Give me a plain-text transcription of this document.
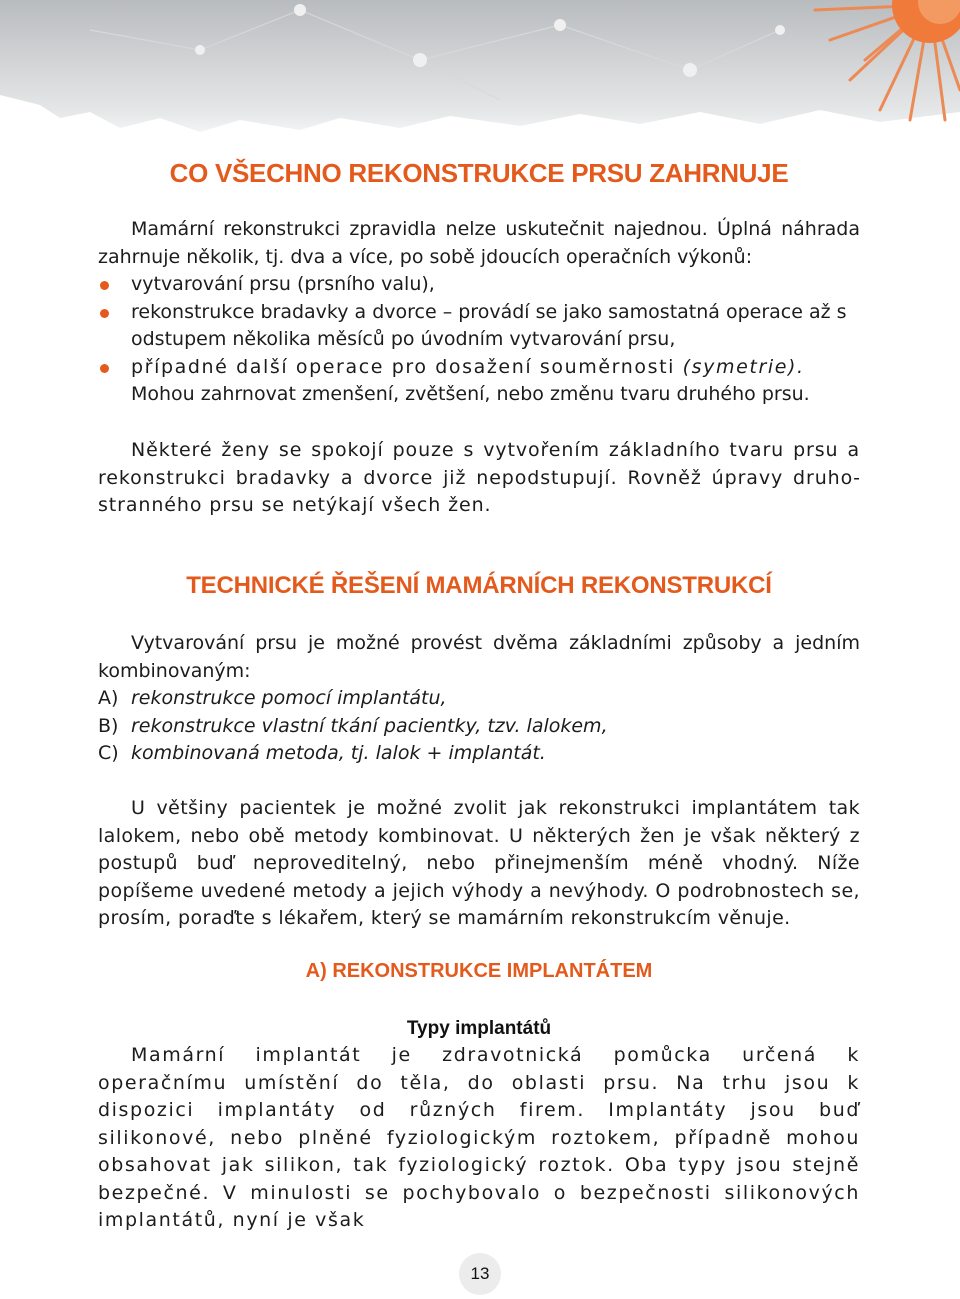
CO VŠECHNO REKONSTRUKCE PRSU ZAHRNUJE

Mamární rekonstrukci zpravidla nelze uskutečnit najednou. Úplná náhrada zahrnuje několik, tj. dva a více, po sobě jdoucích operačních výkonů:

vytvarování prsu (prsního valu),
rekonstrukce bradavky a dvorce – provádí se jako samostatná operace až s odstupem několika měsíců po úvodním vytvarování prsu,
případné další operace pro dosažení souměrnosti (symetrie). Mohou zahrnovat zmenšení, zvětšení, nebo změnu tvaru druhého prsu.

Některé ženy se spokojí pouze s vytvořením základního tvaru prsu a rekonstrukci bradavky a dvorce již nepodstupují. Rovněž úpravy druhostranného prsu se netýkají všech žen.

TECHNICKÉ ŘEŠENÍ MAMÁRNÍCH REKONSTRUKCÍ

Vytvarování prsu je možné provést dvěma základními způsoby a jedním kombinovaným:

A) rekonstrukce pomocí implantátu,
B) rekonstrukce vlastní tkání pacientky, tzv. lalokem,
C) kombinovaná metoda, tj. lalok + implantát.

U většiny pacientek je možné zvolit jak rekonstrukci implantátem tak lalokem, nebo obě metody kombinovat. U některých žen je však některý z postupů buď neproveditelný, nebo přinejmenším méně vhodný. Níže popíšeme uvedené metody a jejich výhody a nevýhody. O podrobnostech se, prosím, poraďte s lékařem, který se mamárním rekonstrukcím věnuje.

A) REKONSTRUKCE IMPLANTÁTEM
Typy implantátů

Mamární implantát je zdravotnická pomůcka určená k operačnímu umístění do těla, do oblasti prsu. Na trhu jsou k dispozici implantáty od různých firem. Implantáty jsou buď silikonové, nebo plněné fyziologickým roztokem, případně mohou obsahovat jak silikon, tak fyziologický roztok. Oba typy jsou stejně bezpečné. V minulosti se pochybovalo o bezpečnosti silikonových implantátů, nyní je však

13
